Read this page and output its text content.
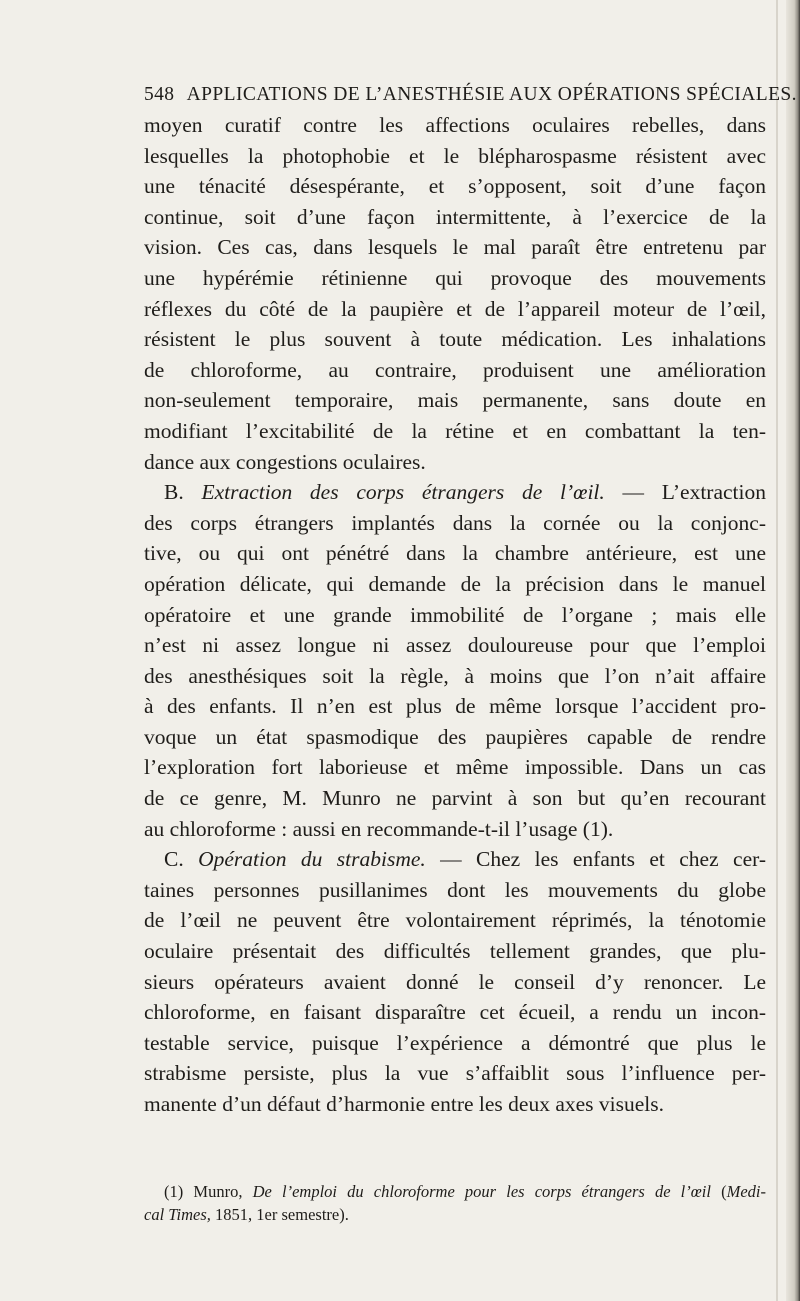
548 APPLICATIONS DE L’ANESTHÉSIE AUX OPÉRATIONS SPÉCIALES.
moyen curatif contre les affections oculaires rebelles, dans
lesquelles la photophobie et le blépharospasme résistent avec
une ténacité désespérante, et s’opposent, soit d’une façon
continue, soit d’une façon intermittente, à l’exercice de la
vision. Ces cas, dans lesquels le mal paraît être entretenu par
une hypérémie rétinienne qui provoque des mouvements
réflexes du côté de la paupière et de l’appareil moteur de l’œil,
résistent le plus souvent à toute médication. Les inhalations
de chloroforme, au contraire, produisent une amélioration
non-seulement temporaire, mais permanente, sans doute en
modifiant l’excitabilité de la rétine et en combattant la ten-
dance aux congestions oculaires.
B. Extraction des corps étrangers de l’œil. — L’extraction
des corps étrangers implantés dans la cornée ou la conjonc-
tive, ou qui ont pénétré dans la chambre antérieure, est une
opération délicate, qui demande de la précision dans le manuel
opératoire et une grande immobilité de l’organe ; mais elle
n’est ni assez longue ni assez douloureuse pour que l’emploi
des anesthésiques soit la règle, à moins que l’on n’ait affaire
à des enfants. Il n’en est plus de même lorsque l’accident pro-
voque un état spasmodique des paupières capable de rendre
l’exploration fort laborieuse et même impossible. Dans un cas
de ce genre, M. Munro ne parvint à son but qu’en recourant
au chloroforme : aussi en recommande-t-il l’usage (1).
C. Opération du strabisme. — Chez les enfants et chez cer-
taines personnes pusillanimes dont les mouvements du globe
de l’œil ne peuvent être volontairement réprimés, la ténotomie
oculaire présentait des difficultés tellement grandes, que plu-
sieurs opérateurs avaient donné le conseil d’y renoncer. Le
chloroforme, en faisant disparaître cet écueil, a rendu un incon-
testable service, puisque l’expérience a démontré que plus le
strabisme persiste, plus la vue s’affaiblit sous l’influence per-
manente d’un défaut d’harmonie entre les deux axes visuels.
(1) Munro, De l’emploi du chloroforme pour les corps étrangers de l’œil (Medi-
cal Times, 1851, 1er semestre).
